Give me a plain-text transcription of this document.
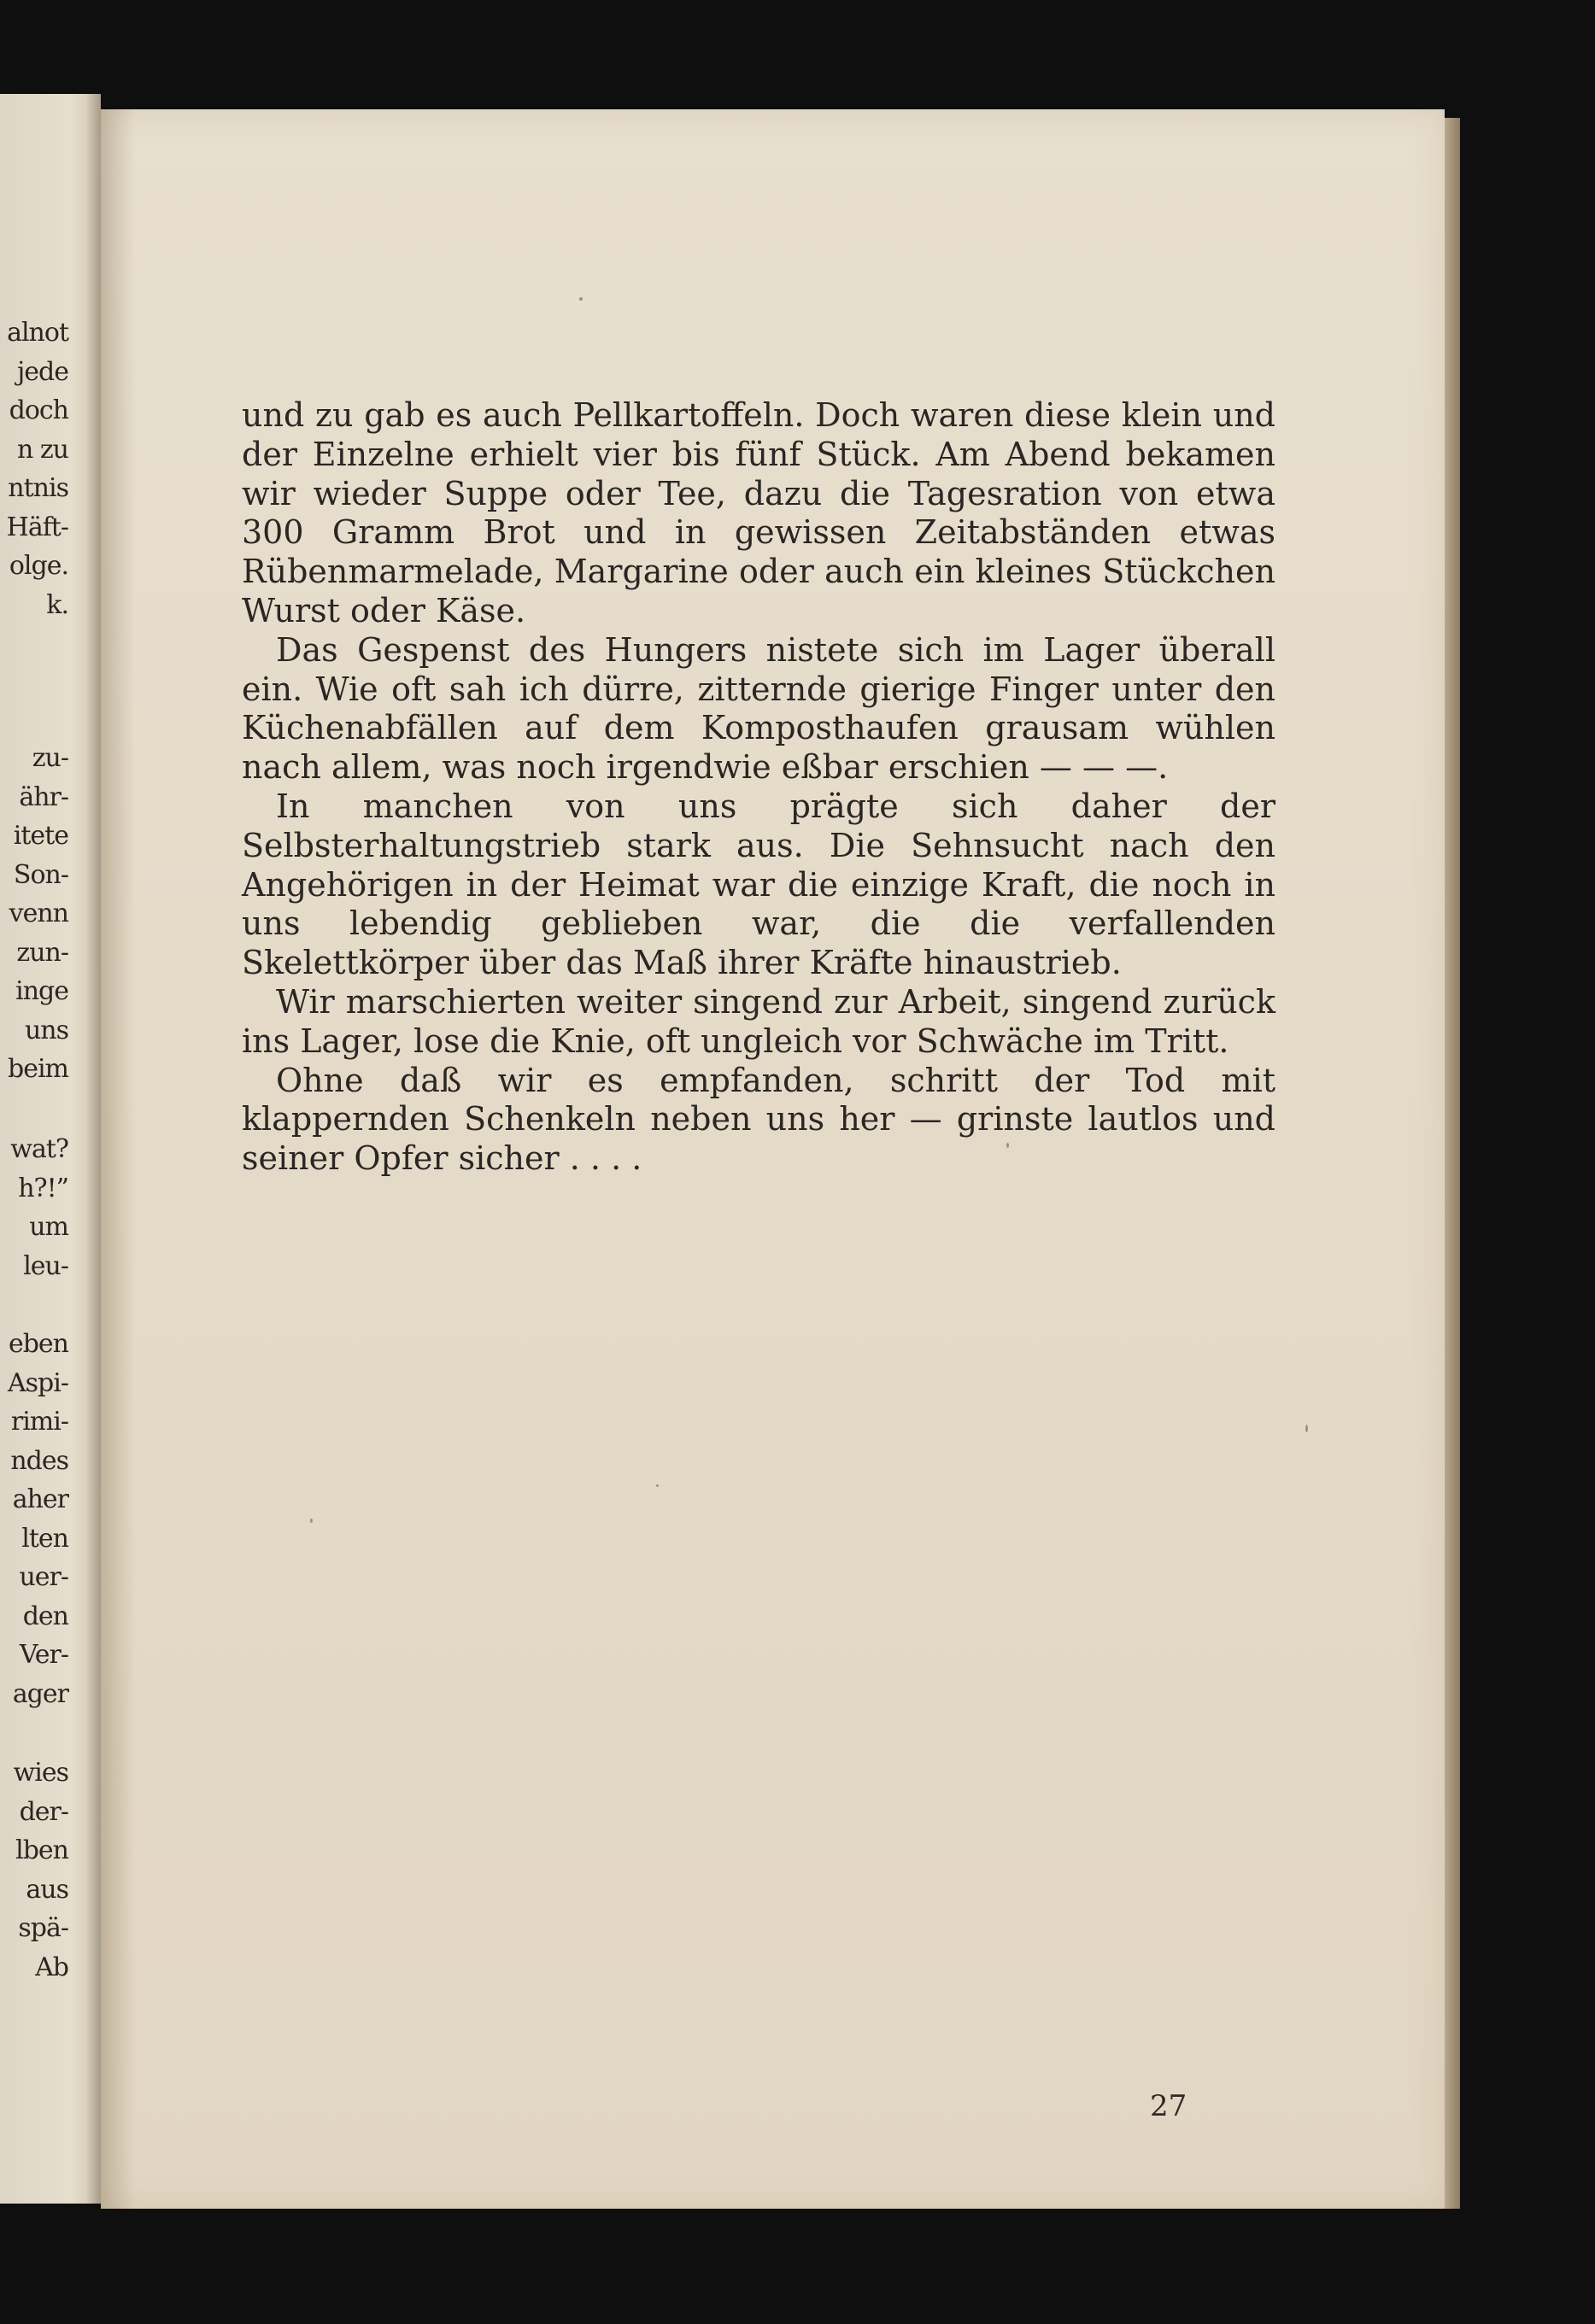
alnot
jede
doch
n zu
ntnis
Häft-
olge.
k.
zu-
ähr-
itete
Son-
venn
zun-
inge
uns
beim
wat?
h?!”
um
leu-
eben
Aspi-
rimi-
ndes
aher
lten
uer-
den
Ver-
ager
wies
der-
lben
aus
spä-
Ab

und zu gab es auch Pellkartoffeln. Doch waren diese klein und der Einzelne erhielt vier bis fünf Stück. Am Abend bekamen wir wieder Suppe oder Tee, dazu die Tagesration von etwa 300 Gramm Brot und in gewissen Zeitabständen etwas Rübenmarmelade, Margarine oder auch ein kleines Stückchen Wurst oder Käse.

Das Gespenst des Hungers nistete sich im Lager überall ein. Wie oft sah ich dürre, zitternde gierige Finger unter den Küchenabfällen auf dem Komposthaufen grausam wühlen nach allem, was noch irgendwie eßbar erschien — — —.

In manchen von uns prägte sich daher der Selbsterhaltungstrieb stark aus. Die Sehnsucht nach den Angehörigen in der Heimat war die einzige Kraft, die noch in uns lebendig geblieben war, die die verfallenden Skelettkörper über das Maß ihrer Kräfte hinaustrieb.

Wir marschierten weiter singend zur Arbeit, singend zurück ins Lager, lose die Knie, oft ungleich vor Schwäche im Tritt.

Ohne daß wir es empfanden, schritt der Tod mit klappernden Schenkeln neben uns her — grinste lautlos und seiner Opfer sicher . . . .

27
